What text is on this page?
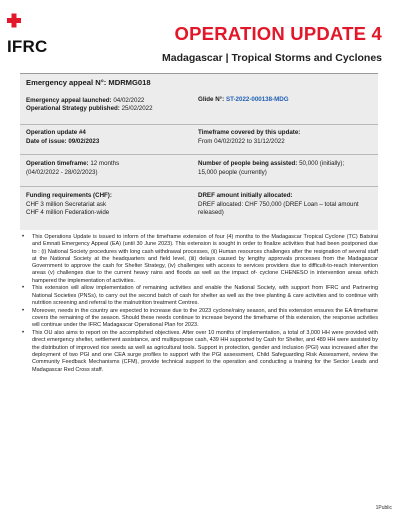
IFRC
OPERATION UPDATE 4
Madagascar | Tropical Storms and Cyclones
Emergency appeal N°: MDRMG018
Emergency appeal launched: 04/02/2022
Operational Strategy published: 25/02/2022
Glide N°: ST-2022-000138-MDG
Operation update #4
Date of issue: 09/02/2023
Timeframe covered by this update:
From 04/02/2022 to 31/12/2022
Operation timeframe: 12 months
(04/02/2022 - 28/02/2023)
Number of people being assisted: 50,000 (initially);
15,000 people (currently)
Funding requirements (CHF):
CHF 3 million Secretariat ask
CHF 4 million Federation-wide
DREF amount initially allocated:
DREF allocated: CHF 750,000 (DREF Loan – total amount released)
• This Operations Update is issued to inform of the timeframe extension of four (4) months to the Madagascar Tropical Cyclone (TC) Batsirai and Emnati Emergency Appeal (EA) (until 30 June 2023). This extension is sought in order to finalize activities that had been postponed due to : (i) National Society procedures with long cash withdrawal processes, (ii) Human resources challenges after the resignation of several staff at the National Society at the headquarters and field level, (iii) delays caused by lengthy approvals processes from the Madagascar Government to approve the cash for Shelter Strategy, (iv) challenges with access to services providers due to difficult-to-reach intervention areas (v) challenges due to the current heavy rains and floods as well as the impact of- cyclone CHENESO in intervention areas which hampered the implementation of activities.
• This extension will allow implementation of remaining activities and enable the National Society, with support from IFRC and Partnering National Societies (PNSs), to carry out the second batch of cash for shelter as well as the tree planting & care activities and to continue with nutrition screening and referral to the malnutrition treatment Centres.
• Moreover, needs in the country are expected to increase due to the 2023 cyclone/rainy season, and this extension ensures the EA timeframe covers the remaining of the season. Should these needs continue to increase beyond the timeframe of this extension, the response activities will continue under the IFRC Madagascar Operational Plan for 2023.
• This OU also aims to report on the accomplished objectives. After over 10 months of implementation, a total of 3,000 HH were provided with direct emergency shelter, settlement assistance, and multipurpose cash, 439 HH supported by Cash for Shelter, and 489 HH were assisted by the distribution of improved rice seeds as well as agricultural tools. Support in protection, gender and inclusion (PGI) was increased after the deployment of two PGI and one CEA surge profiles to support with the PGI assessment, Child Safeguarding Risk Assessment, review the Community Feedback Mechanisms (CFM), provide technical support to the operation and conducting a training for the Sector Leads and Madagascar Red Cross staff.
1Public
